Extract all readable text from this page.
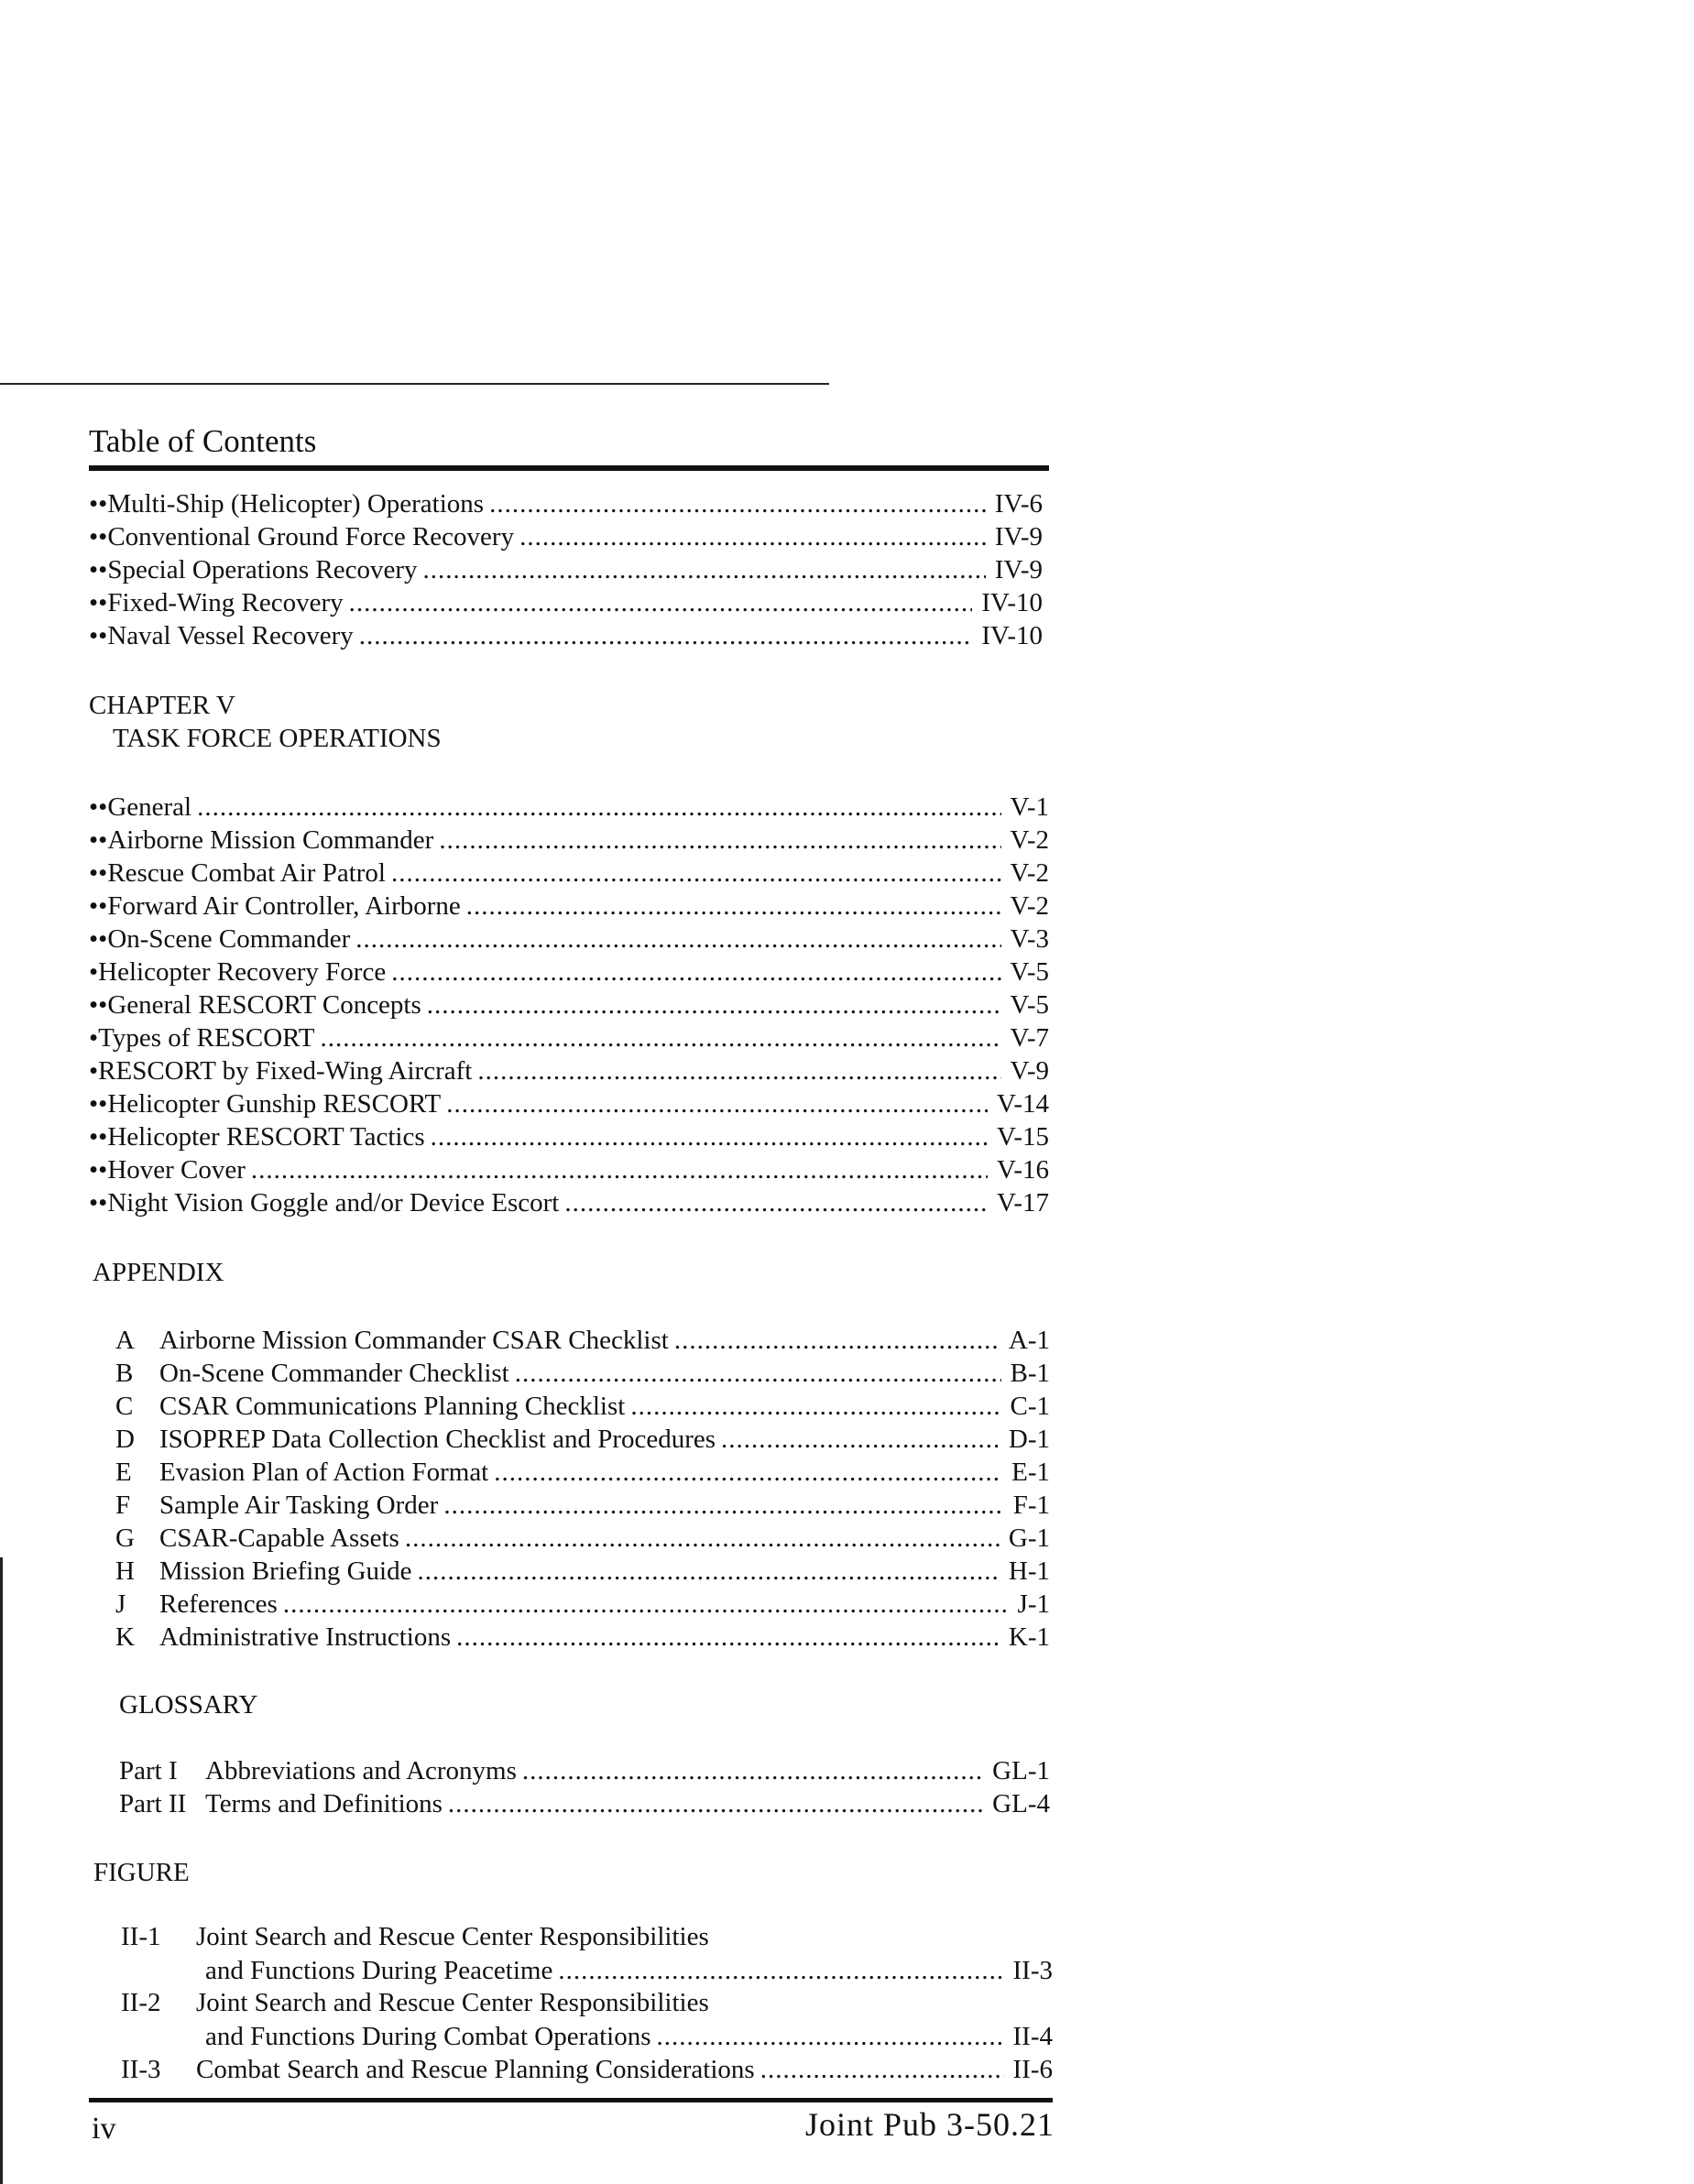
Table of Contents
•• Multi-Ship (Helicopter) Operations .....	IV-6
•• Conventional Ground Force Recovery .....	IV-9
•• Special Operations Recovery .....	IV-9
•• Fixed-Wing Recovery .....	IV-10
•• Naval Vessel Recovery .....	IV-10
CHAPTER V
TASK FORCE OPERATIONS
•• General .....	V-1
•• Airborne Mission Commander .....	V-2
•• Rescue Combat Air Patrol .....	V-2
•• Forward Air Controller, Airborne .....	V-2
•• On-Scene Commander .....	V-3
• Helicopter Recovery Force .....	V-5
•• General RESCORT Concepts .....	V-5
• Types of RESCORT .....	V-7
• RESCORT by Fixed-Wing Aircraft .....	V-9
•• Helicopter Gunship RESCORT .....	V-14
•• Helicopter RESCORT Tactics .....	V-15
•• Hover Cover .....	V-16
•• Night Vision Goggle and/or Device Escort .....	V-17
APPENDIX
A Airborne Mission Commander CSAR Checklist .....	A-1
B On-Scene Commander Checklist .....	B-1
C CSAR Communications Planning Checklist .....	C-1
D ISOPREP Data Collection Checklist and Procedures .....	D-1
E	Evasion Plan of Action Format .....	E-1
F	Sample Air Tasking Order .....	F-1
G CSAR-Capable Assets .....	G-1
H Mission Briefing Guide .....	H-1
J	References .....	J-1
K Administrative Instructions .....	K-1
GLOSSARY
Part I	Abbreviations and Acronyms .....	GL-1
Part II Terms and Definitions .....	GL-4
FIGURE
II-1 Joint Search and Rescue Center Responsibilities
and Functions During Peacetime .....	II-3
II-2 Joint Search and Rescue Center Responsibilities
and Functions During Combat Operations .....	II-4
II-3	Combat Search and Rescue Planning Considerations .....	II-6
iv	Joint Pub 3-50.21
